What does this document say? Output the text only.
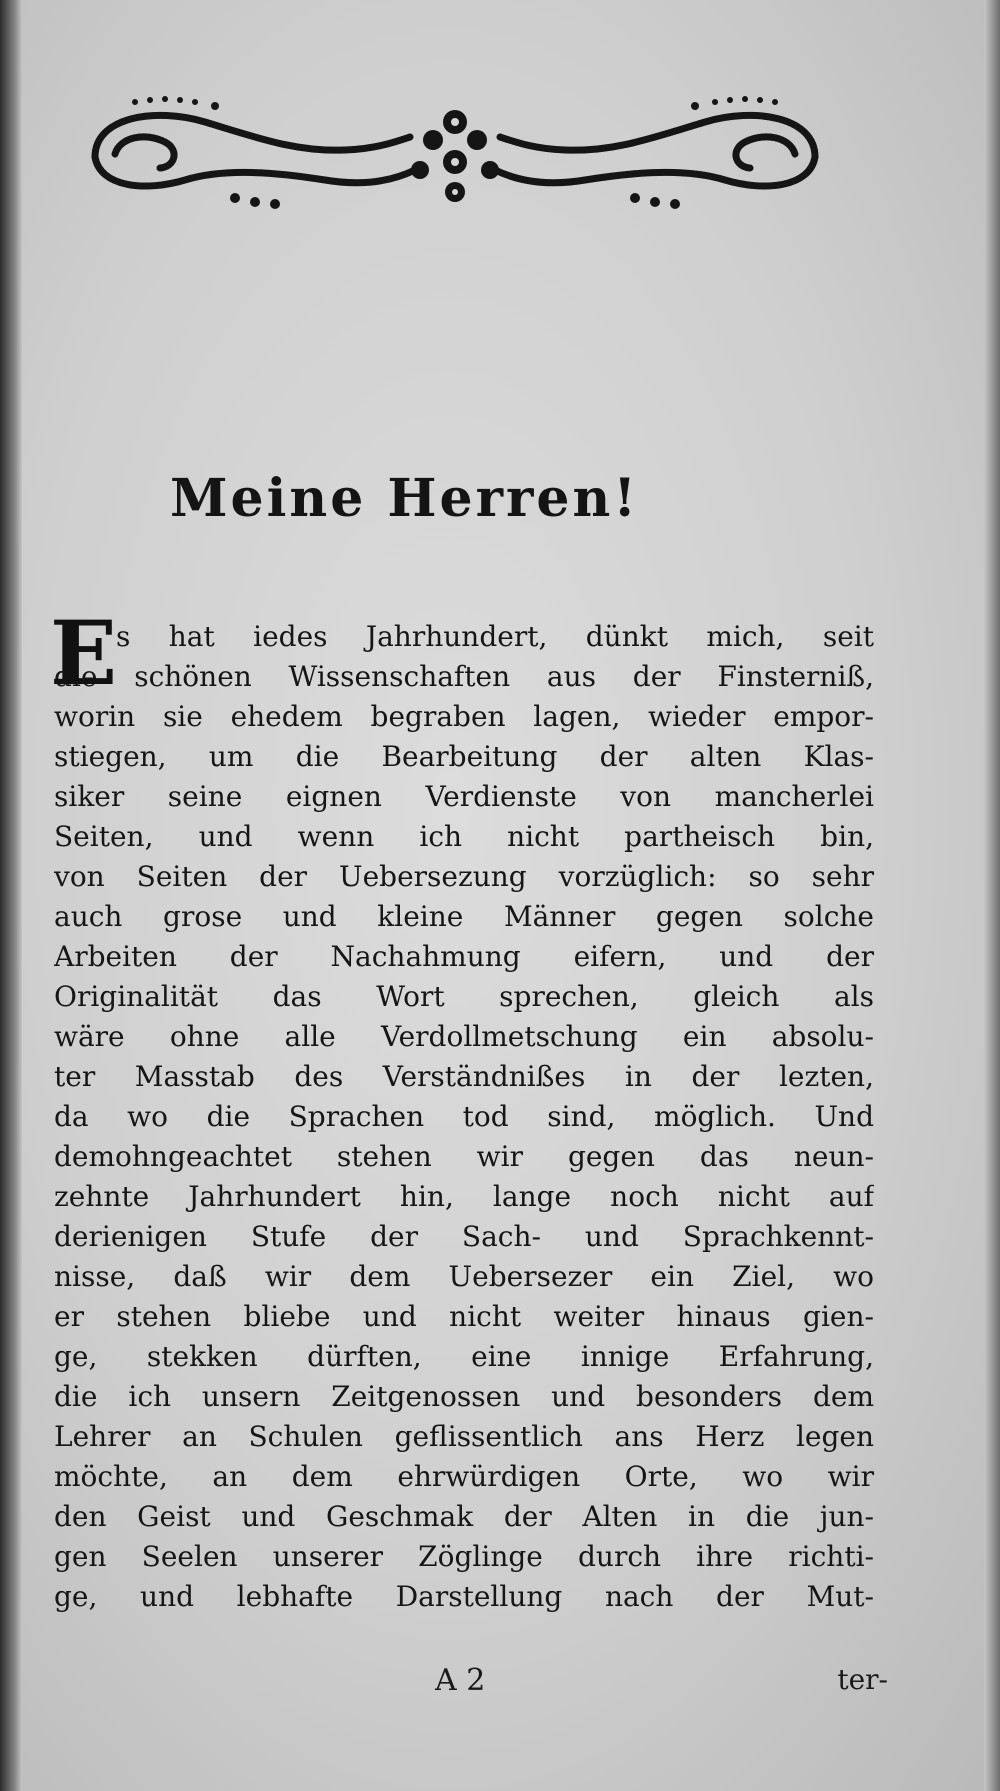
Meine Herren!
E
s hat iedes Jahrhundert, dünkt mich, seit
die schönen Wissenschaften aus der Finsterniß,
worin sie ehedem begraben lagen, wieder empor-
stiegen, um die Bearbeitung der alten Klas-
siker seine eignen Verdienste von mancherlei
Seiten, und wenn ich nicht partheisch bin,
von Seiten der Uebersezung vorzüglich: so sehr
auch grose und kleine Männer gegen solche
Arbeiten der Nachahmung eifern, und der
Originalität das Wort sprechen, gleich als
wäre ohne alle Verdollmetschung ein absolu-
ter Masstab des Verständnißes in der lezten,
da wo die Sprachen tod sind, möglich. Und
demohngeachtet stehen wir gegen das neun-
zehnte Jahrhundert hin, lange noch nicht auf
derienigen Stufe der Sach- und Sprachkennt-
nisse, daß wir dem Uebersezer ein Ziel, wo
er stehen bliebe und nicht weiter hinaus gien-
ge, stekken dürften, eine innige Erfahrung,
die ich unsern Zeitgenossen und besonders dem
Lehrer an Schulen geflissentlich ans Herz legen
möchte, an dem ehrwürdigen Orte, wo wir
den Geist und Geschmak der Alten in die jun-
gen Seelen unserer Zöglinge durch ihre richti-
ge, und lebhafte Darstellung nach der Mut-
A 2	ter-
